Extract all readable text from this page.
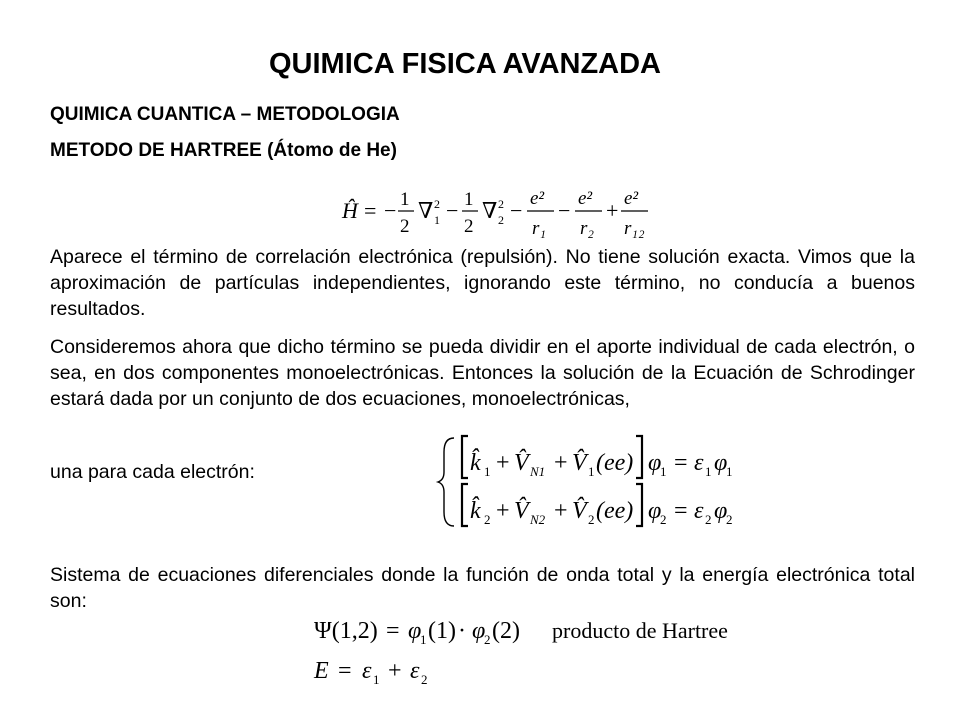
QUIMICA FISICA AVANZADA
QUIMICA CUANTICA – METODOLOGIA
METODO DE HARTREE (Átomo de He)
Ĥ = − 1
2
∇ 2
1 − 1
2
∇ 2
2 − e²
r₁
− e²
r₂
+ e²
r₁₂
Aparece el término de correlación electrónica (repulsión). No tiene solución exacta. Vimos que la aproximación de partículas independientes, ignorando este término, no conducía a buenos resultados.
Consideremos ahora que dicho término se pueda dividir en el aporte individual de cada electrón, o sea, en dos componentes monoelectrónicas. Entonces la solución de la Ecuación de Schrodinger estará dada por un conjunto de dos ecuaciones, monoelectrónicas,
una para cada electrón:	k̂ 1 + V̂ N1 + V̂ 1 (ee) φ
1 = ε 1 φ
1
k̂ 2 + V̂ N2 + V̂ 2 (ee) φ
2 = ε 2 φ
2
Sistema de ecuaciones diferenciales donde la función de onda total y la energía electrónica total son:
Ψ(1,2) = φ
1 (1) · φ
2 (2) producto de Hartree
E = ε 1 + ε 2
